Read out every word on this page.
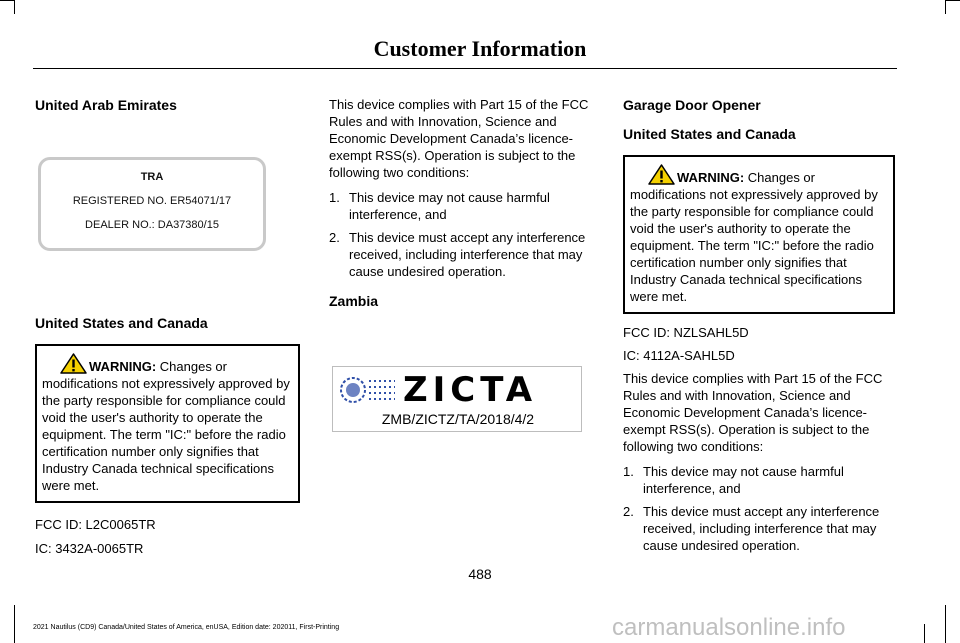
Customer Information
United Arab Emirates
TRA
REGISTERED NO. ER54071/17
DEALER NO.: DA37380/15
United States and Canada
WARNING: Changes or modifications not expressively approved by the party responsible for compliance could void the user's authority to operate the equipment. The term "IC:" before the radio certification number only signifies that Industry Canada technical specifications were met.

FCC ID: L2C0065TR

IC: 3432A-0065TR

This device complies with Part 15 of the FCC Rules and with Innovation, Science and Economic Development Canada’s licence-exempt RSS(s). Operation is subject to the following two conditions:

1. This device may not cause harmful interference, and
2. This device must accept any interference received, including interference that may cause undesired operation.
Zambia
ZICTA
ZMB/ZICTZ/TA/2018/4/2
Garage Door Opener
United States and Canada
WARNING: Changes or modifications not expressively approved by the party responsible for compliance could void the user's authority to operate the equipment. The term "IC:" before the radio certification number only signifies that Industry Canada technical specifications were met.

FCC ID: NZLSAHL5D

IC: 4112A-SAHL5D

This device complies with Part 15 of the FCC Rules and with Innovation, Science and Economic Development Canada’s licence-exempt RSS(s). Operation is subject to the following two conditions:

1. This device may not cause harmful interference, and
2. This device must accept any interference received, including interference that may cause undesired operation.
488
2021 Nautilus (CD9) Canada/United States of America, enUSA, Edition date: 202011, First-Printing	carmanualsonline.info
